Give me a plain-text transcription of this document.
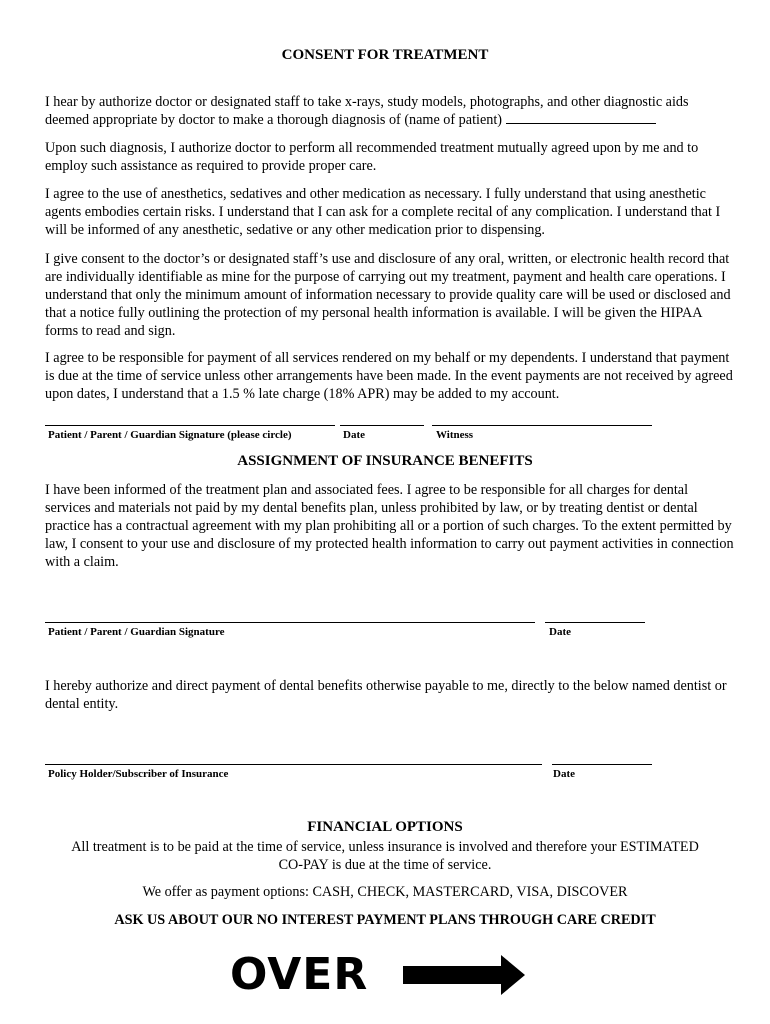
CONSENT FOR TREATMENT
I hear by authorize doctor or designated staff to take x-rays, study models, photographs, and other diagnostic aids deemed appropriate by doctor to make a thorough diagnosis of (name of patient)
Upon such diagnosis, I authorize doctor to perform all recommended treatment mutually agreed upon by me and to employ such assistance as required to provide proper care.
I agree to the use of anesthetics, sedatives and other medication as necessary. I fully understand that using anesthetic agents embodies certain risks. I understand that I can ask for a complete recital of any complication. I understand that I will be informed of any anesthetic, sedative or any other medication prior to dispensing.
I give consent to the doctor’s or designated staff’s use and disclosure of any oral, written, or electronic health record that are individually identifiable as mine for the purpose of carrying out my treatment, payment and health care operations. I understand that only the minimum amount of information necessary to provide quality care will be used or disclosed and that a notice fully outlining the protection of my personal health information is available. I will be given the HIPAA forms to read and sign.
I agree to be responsible for payment of all services rendered on my behalf or my dependents. I understand that payment is due at the time of service unless other arrangements have been made. In the event payments are not received by agreed upon dates, I understand that a 1.5 % late charge (18% APR) may be added to my account.
Patient / Parent / Guardian Signature (please circle)	Date	Witness
ASSIGNMENT OF INSURANCE BENEFITS
I have been informed of the treatment plan and associated fees. I agree to be responsible for all charges for dental services and materials not paid by my dental benefits plan, unless prohibited by law, or by treating dentist or dental practice has a contractual agreement with my plan prohibiting all or a portion of such charges. To the extent permitted by law, I consent to your use and disclosure of my protected health information to carry out payment activities in connection with a claim.
Patient / Parent / Guardian Signature	Date
I hereby authorize and direct payment of dental benefits otherwise payable to me, directly to the below named dentist or dental entity.
Policy Holder/Subscriber of Insurance	Date
FINANCIAL OPTIONS
All treatment is to be paid at the time of service, unless insurance is involved and therefore your ESTIMATED
CO-PAY is due at the time of service.
We offer as payment options: CASH, CHECK, MASTERCARD, VISA, DISCOVER
ASK US ABOUT OUR NO INTEREST PAYMENT PLANS THROUGH CARE CREDIT
OVER
